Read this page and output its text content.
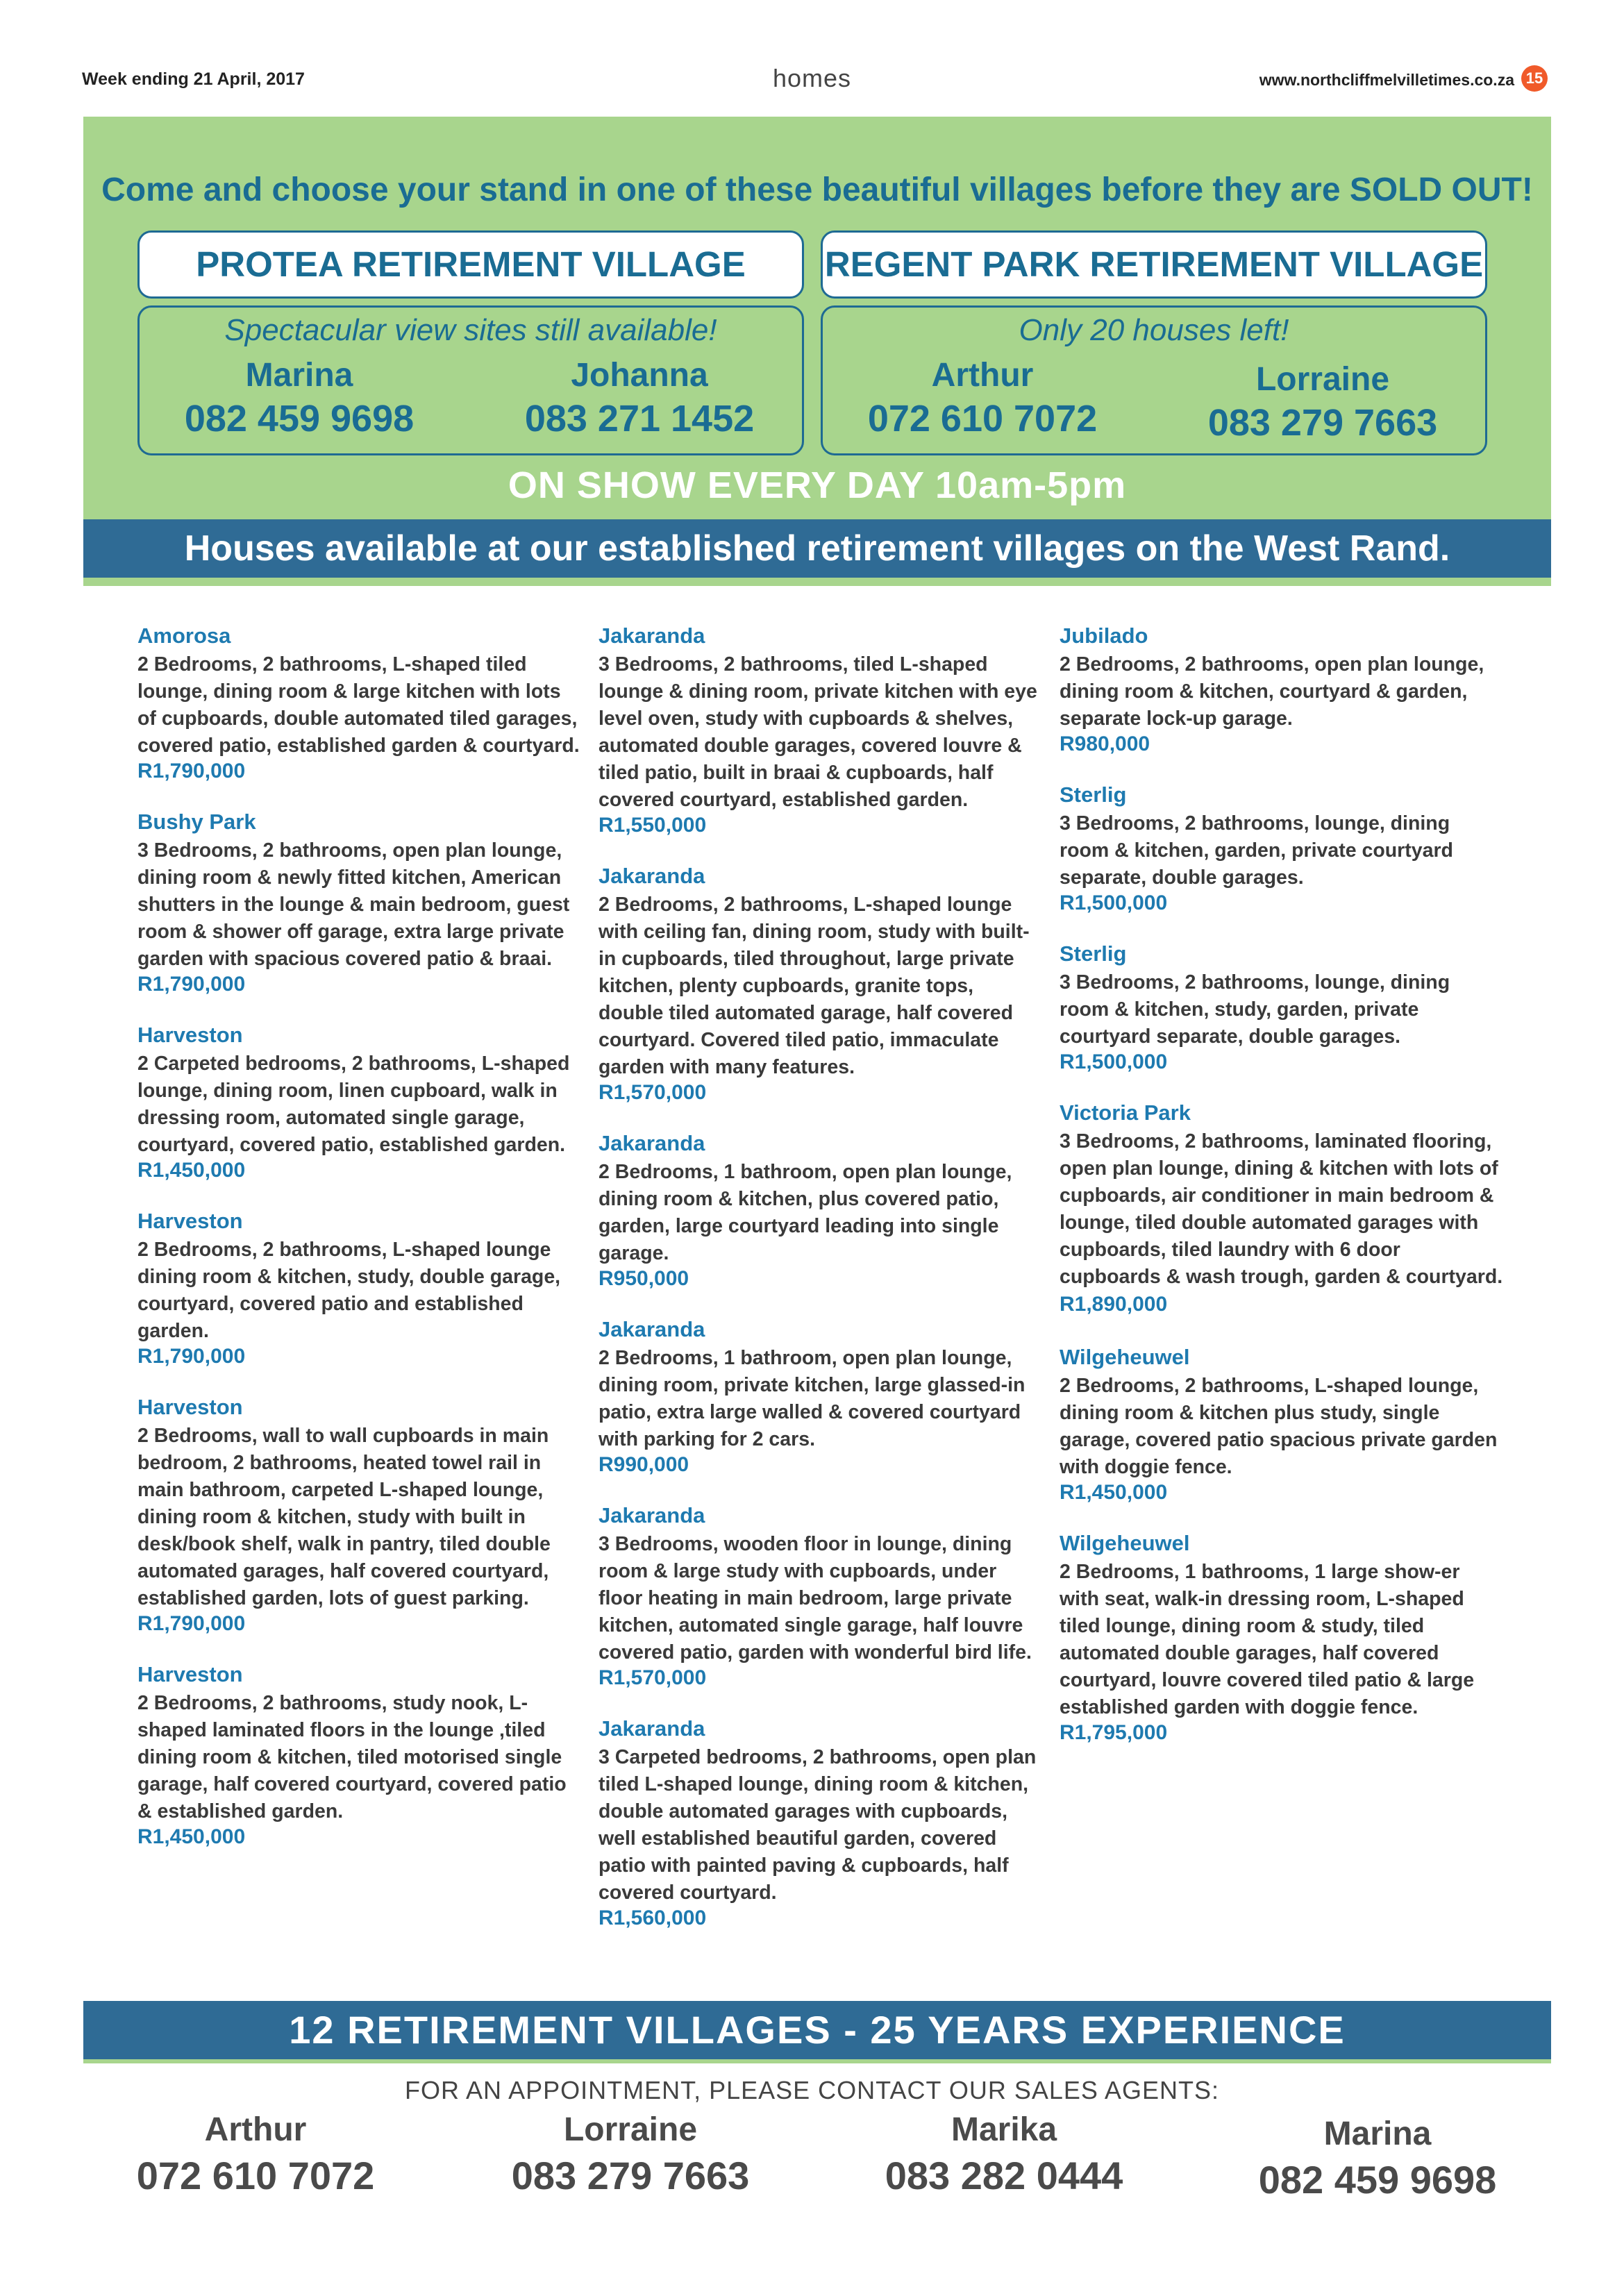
Week ending 21 April, 2017	homes	www.northcliffmelvilletimes.co.za 15
Come and choose your stand in one of these beautiful villages before they are SOLD OUT!
PROTEA RETIREMENT VILLAGE	REGENT PARK RETIREMENT VILLAGE
Spectacular view sites still available!
Marina
082 459 9698
Johanna
083 271 1452
Only 20 houses left!
Arthur
072 610 7072
Lorraine
083 279 7663
ON SHOW EVERY DAY 10am-5pm
Houses available at our established retirement villages on the West Rand.
Amorosa
2 Bedrooms, 2 bathrooms, L-shaped tiled lounge, dining room & large kitchen with lots of cupboards, double automated tiled garages, covered patio, established garden & courtyard.
R1,790,000
Bushy Park
3 Bedrooms, 2 bathrooms, open plan lounge, dining room & newly fitted kitchen, American shutters in the lounge & main bedroom, guest room & shower off garage, extra large private garden with spacious covered patio & braai.
R1,790,000
Harveston
2 Carpeted bedrooms, 2 bathrooms, L-shaped lounge, dining room, linen cupboard, walk in dressing room, automated single garage, courtyard, covered patio, established garden.
R1,450,000
Harveston
2 Bedrooms, 2 bathrooms, L-shaped lounge dining room & kitchen, study, double garage, courtyard, covered patio and established garden.
R1,790,000
Harveston
2 Bedrooms, wall to wall cupboards in main bedroom, 2 bathrooms, heated towel rail in main bathroom, carpeted L-shaped lounge, dining room & kitchen, study with built in desk/book shelf, walk in pantry, tiled double automated garages, half covered courtyard, established garden, lots of guest parking.
R1,790,000
Harveston
2 Bedrooms, 2 bathrooms, study nook, L-shaped laminated floors in the lounge ,tiled dining room & kitchen, tiled motorised single garage, half covered courtyard, covered patio & established garden.
R1,450,000
Jakaranda
3 Bedrooms, 2 bathrooms, tiled L-shaped lounge & dining room, private kitchen with eye level oven, study with cupboards & shelves, automated double garages, covered louvre & tiled patio, built in braai & cupboards, half covered courtyard, established garden.
R1,550,000
Jakaranda
2 Bedrooms, 2 bathrooms, L-shaped lounge with ceiling fan, dining room, study with built-in cupboards, tiled throughout, large private kitchen, plenty cupboards, granite tops, double tiled automated garage, half covered courtyard. Covered tiled patio, immaculate garden with many features.
R1,570,000
Jakaranda
2 Bedrooms, 1 bathroom, open plan lounge, dining room & kitchen, plus covered patio, garden, large courtyard leading into single garage.
R950,000
Jakaranda
2 Bedrooms, 1 bathroom, open plan lounge, dining room, private kitchen, large glassed-in patio, extra large walled & covered courtyard with parking for 2 cars.
R990,000
Jakaranda
3 Bedrooms, wooden floor in lounge, dining room & large study with cupboards, under floor heating in main bedroom, large private kitchen, automated single garage, half louvre covered patio, garden with wonderful bird life.
R1,570,000
Jakaranda
3 Carpeted bedrooms, 2 bathrooms, open plan tiled L-shaped lounge, dining room & kitchen, double automated garages with cupboards, well established beautiful garden, covered patio with painted paving & cupboards, half covered courtyard.
R1,560,000
Jubilado
2 Bedrooms, 2 bathrooms, open plan lounge, dining room & kitchen, courtyard & garden, separate lock-up garage.
R980,000
Sterlig
3 Bedrooms, 2 bathrooms, lounge, dining room & kitchen, garden, private courtyard separate, double garages.
R1,500,000
Sterlig
3 Bedrooms, 2 bathrooms, lounge, dining room & kitchen, study, garden, private courtyard separate, double garages.
R1,500,000
Victoria Park
3 Bedrooms, 2 bathrooms, laminated flooring, open plan lounge, dining & kitchen with lots of cupboards, air conditioner in main bedroom & lounge, tiled double automated garages with cupboards, tiled laundry with 6 door cupboards & wash trough, garden & courtyard. R1,890,000
Wilgeheuwel
2 Bedrooms, 2 bathrooms, L-shaped lounge, dining room & kitchen plus study, single garage, covered patio spacious private garden with doggie fence.
R1,450,000
Wilgeheuwel
2 Bedrooms, 1 bathrooms, 1 large show-er with seat, walk-in dressing room, L-shaped tiled lounge, dining room & study, tiled automated double garages, half covered courtyard, louvre covered tiled patio & large established garden with doggie fence.
R1,795,000
12 RETIREMENT VILLAGES - 25 YEARS EXPERIENCE
FOR AN APPOINTMENT, PLEASE CONTACT OUR SALES AGENTS:
Arthur
072 610 7072
Lorraine
083 279 7663
Marika
083 282 0444
Marina
082 459 9698
